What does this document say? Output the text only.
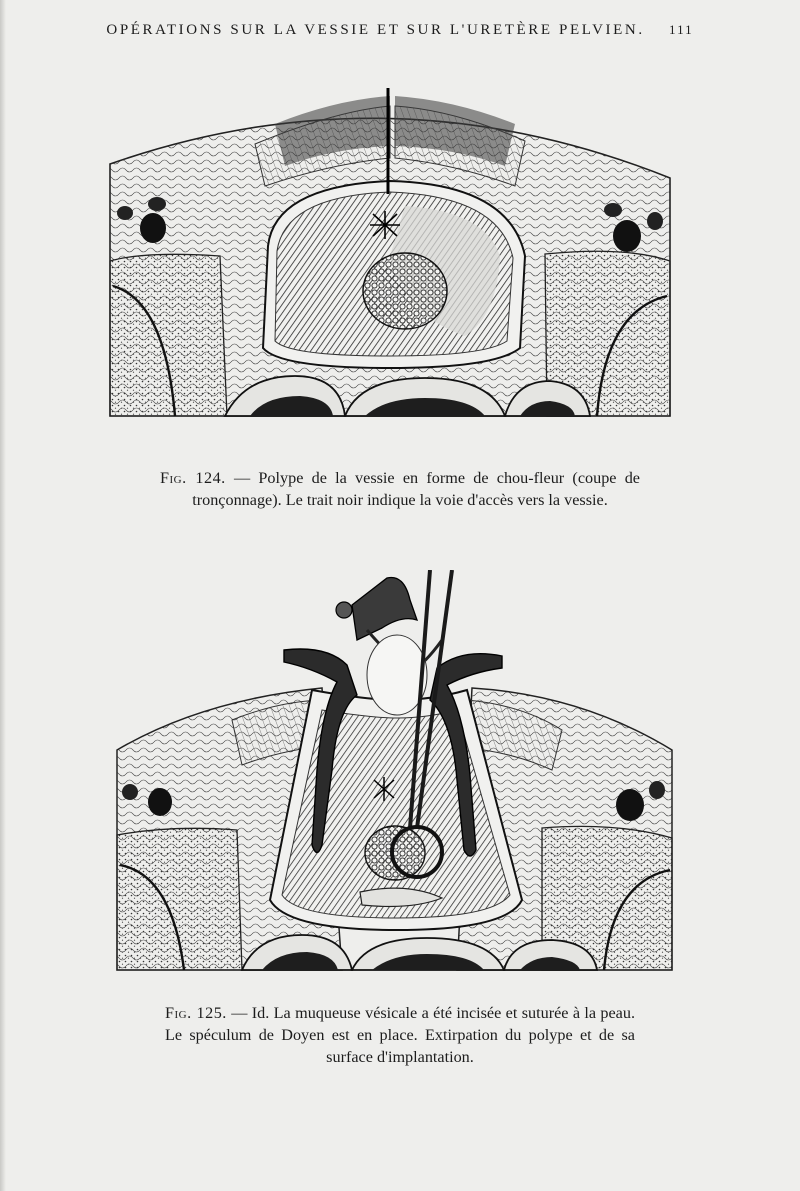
OPÉRATIONS SUR LA VESSIE ET SUR L'URETÈRE PELVIEN. 111

Fig. 124. — Polype de la vessie en forme de chou-fleur (coupe de tronçonnage). Le trait noir indique la voie d'accès vers la vessie.

Fig. 125. — Id. La muqueuse vésicale a été incisée et suturée à la peau. Le spéculum de Doyen est en place. Extirpation du polype et de sa surface d'implantation.
